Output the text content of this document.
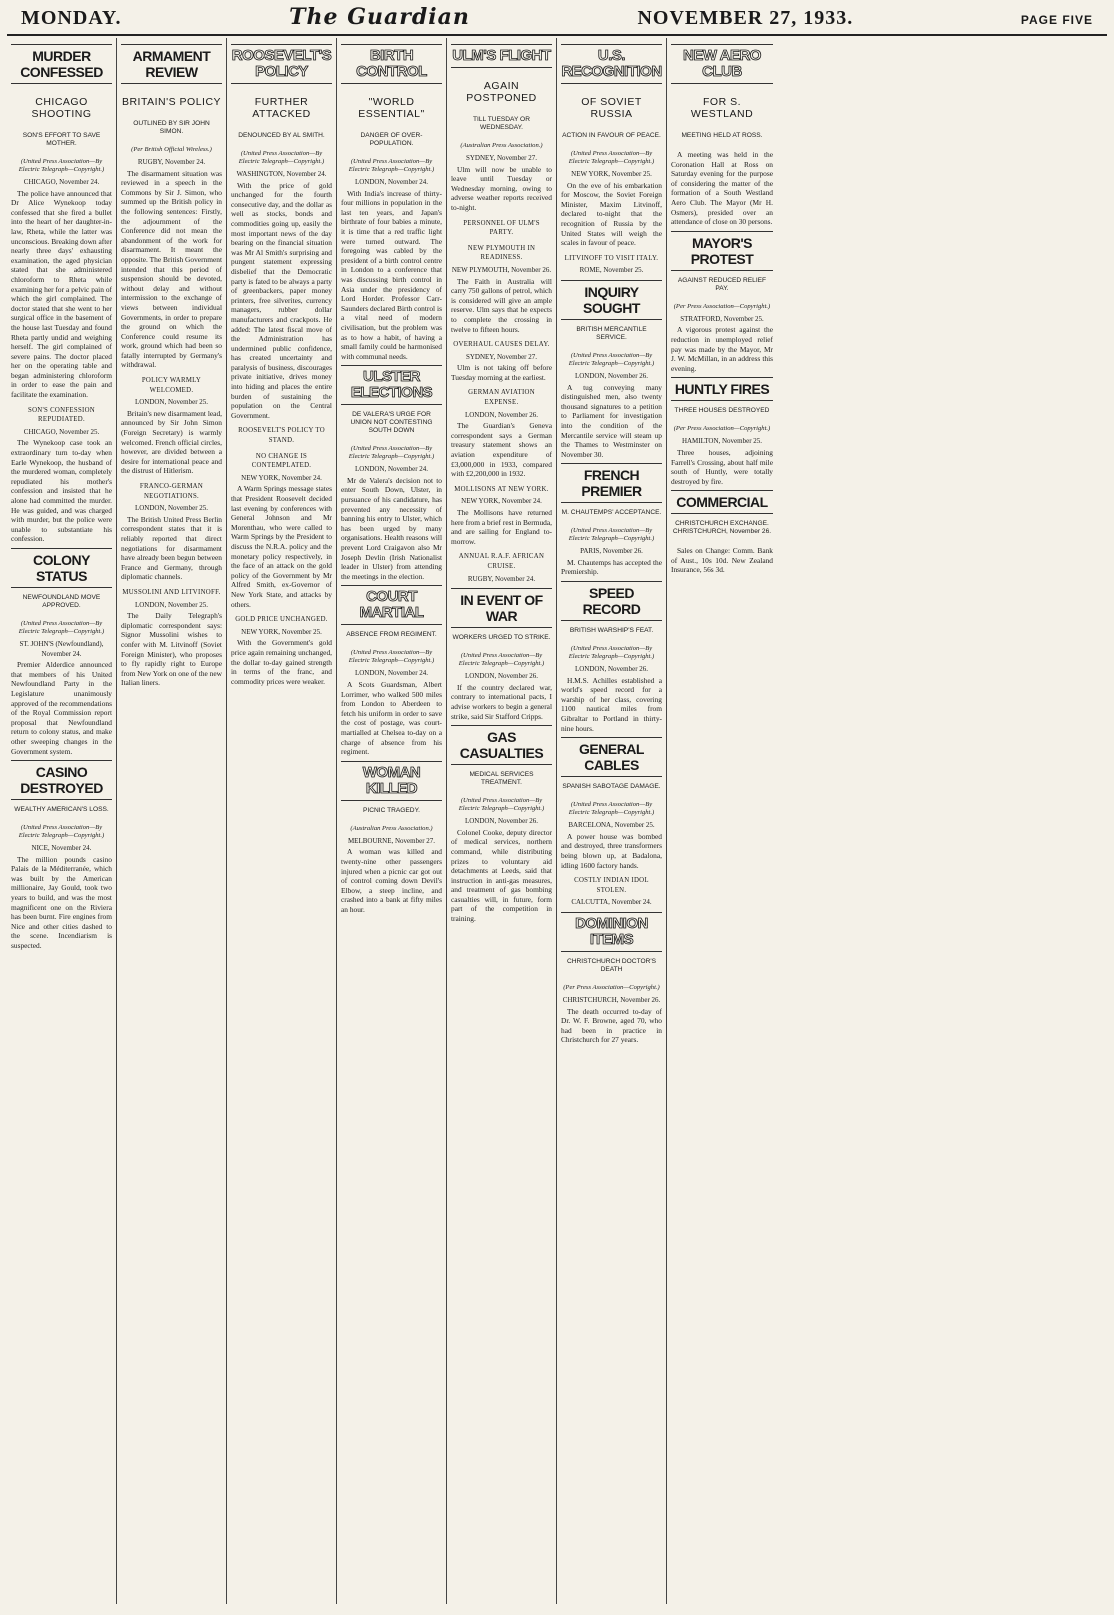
MONDAY.	The Guardian	NOVEMBER 27, 1933.	PAGE FIVE
MURDER CONFESSED
CHICAGO SHOOTING
SON'S EFFORT TO SAVE MOTHER.
(United Press Association—By Electric Telegraph—Copyright.)
CHICAGO, November 24.

The police have announced that Dr Alice Wynekoop today confessed that she fired a bullet into the heart of her daughter-in-law, Rheta, while the latter was unconscious. Breaking down after nearly three days' exhausting examination, the aged physician stated that she administered chloroform to Rheta while examining her for a pelvic pain of which the girl complained. The doctor stated that she went to her surgical office in the basement of the house last Tuesday and found Rheta partly undid and weighing herself. The girl complained of severe pains. The doctor placed her on the operating table and began administering chloroform in order to ease the pain and facilitate the examination.

SON'S CONFESSION REPUDIATED.
CHICAGO, November 25.

The Wynekoop case took an extraordinary turn to-day when Earle Wynekoop, the husband of the murdered woman, completely repudiated his mother's confession and insisted that he alone had committed the murder. He was guided, and was charged with murder, but the police were unable to substantiate his confession.

COLONY STATUS
NEWFOUNDLAND MOVE APPROVED.
(United Press Association—By Electric Telegraph—Copyright.)
ST. JOHN'S (Newfoundland), November 24.

Premier Alderdice announced that members of his United Newfoundland Party in the Legislature unanimously approved of the recommendations of the Royal Commission report proposal that Newfoundland return to colony status, and make other sweeping changes in the Government system.

CASINO DESTROYED
WEALTHY AMERICAN'S LOSS.
(United Press Association—By Electric Telegraph—Copyright.)
NICE, November 24.

The million pounds casino Palais de la Méditerranée, which was built by the American millionaire, Jay Gould, took two years to build, and was the most magnificent one on the Riviera has been burnt. Fire engines from Nice and other cities dashed to the scene. Incendiarism is suspected.

ARMAMENT REVIEW
BRITAIN'S POLICY
OUTLINED BY SIR JOHN SIMON.
(Per British Official Wireless.)
RUGBY, November 24.

The disarmament situation was reviewed in a speech in the Commons by Sir J. Simon, who summed up the British policy in the following sentences: Firstly, the adjournment of the Conference did not mean the abandonment of the work for disarmament. It meant the opposite. The British Government intended that this period of suspension should be devoted, without delay and without intermission to the exchange of views between individual Governments, in order to prepare the ground on which the Conference could resume its work, ground which had been so fatally interrupted by Germany's withdrawal.

POLICY WARMLY WELCOMED.
LONDON, November 25.

Britain's new disarmament lead, announced by Sir John Simon (Foreign Secretary) is warmly welcomed. French official circles, however, are divided between a desire for international peace and the distrust of Hitlerism.

FRANCO-GERMAN NEGOTIATIONS.
LONDON, November 25.

The British United Press Berlin correspondent states that it is reliably reported that direct negotiations for disarmament have already been begun between France and Germany, through diplomatic channels.

MUSSOLINI AND LITVINOFF.
LONDON, November 25.

The Daily Telegraph's diplomatic correspondent says: Signor Mussolini wishes to confer with M. Litvinoff (Soviet Foreign Minister), who proposes to fly rapidly right to Europe from New York on one of the new Italian liners.

ROOSEVELT'S POLICY
FURTHER ATTACKED
DENOUNCED BY AL SMITH.
(United Press Association—By Electric Telegraph—Copyright.)
WASHINGTON, November 24.

With the price of gold unchanged for the fourth consecutive day, and the dollar as well as stocks, bonds and commodities going up, easily the most important news of the day bearing on the financial situation was Mr Al Smith's surprising and pungent statement expressing disbelief that the Democratic party is fated to be always a party of greenbackers, paper money printers, free silverites, currency managers, rubber dollar manufacturers and crackpots. He added: The latest fiscal move of the Administration has undermined public confidence, has created uncertainty and paralysis of business, discourages private initiative, drives money into hiding and places the entire burden of sustaining the population on the Central Government.

ROOSEVELT'S POLICY TO STAND.
NO CHANGE IS CONTEMPLATED.
NEW YORK, November 24.

A Warm Springs message states that President Roosevelt decided last evening by conferences with General Johnson and Mr Morenthau, who were called to Warm Springs by the President to discuss the N.R.A. policy and the monetary policy respectively, in the face of an attack on the gold policy of the Government by Mr Alfred Smith, ex-Governor of New York State, and attacks by others.

GOLD PRICE UNCHANGED.
NEW YORK, November 25.

With the Government's gold price again remaining unchanged, the dollar to-day gained strength in terms of the franc, and commodity prices were weaker.

BIRTH CONTROL
"WORLD ESSENTIAL"
DANGER OF OVER-POPULATION.
(United Press Association—By Electric Telegraph—Copyright.)
LONDON, November 24.

With India's increase of thirty-four millions in population in the last ten years, and Japan's birthrate of four babies a minute, it is time that a red traffic light were turned outward. The foregoing was cabled by the president of a birth control centre in London to a conference that was discussing birth control in Asia under the presidency of Lord Horder. Professor Carr-Saunders declared Birth control is a vital need of modern civilisation, but the problem was as to how a habit, of having a small family could be harmonised with communal needs.

ULSTER ELECTIONS
DE VALERA'S URGE FOR UNION NOT CONTESTING SOUTH DOWN
(United Press Association—By Electric Telegraph—Copyright.)
LONDON, November 24.

Mr de Valera's decision not to enter South Down, Ulster, in pursuance of his candidature, has prevented any necessity of banning his entry to Ulster, which has been urged by many organisations. Health reasons will prevent Lord Craigavon also Mr Joseph Devlin (Irish Nationalist leader in Ulster) from attending the meetings in the election.

COURT MARTIAL
ABSENCE FROM REGIMENT.
(United Press Association—By Electric Telegraph—Copyright.)
LONDON, November 24.

A Scots Guardsman, Albert Lorrimer, who walked 500 miles from London to Aberdeen to fetch his uniform in order to save the cost of postage, was court-martialled at Chelsea to-day on a charge of absence from his regiment.

WOMAN KILLED
PICNIC TRAGEDY.
(Australian Press Association.)
MELBOURNE, November 27.

A woman was killed and twenty-nine other passengers injured when a picnic car got out of control coming down Devil's Elbow, a steep incline, and crashed into a bank at fifty miles an hour.

ULM'S FLIGHT
AGAIN POSTPONED
TILL TUESDAY OR WEDNESDAY.
(Australian Press Association.)
SYDNEY, November 27.

Ulm will now be unable to leave until Tuesday or Wednesday morning, owing to adverse weather reports received to-night.

PERSONNEL OF ULM'S PARTY.
NEW PLYMOUTH IN READINESS.
NEW PLYMOUTH, November 26.

The Faith in Australia will carry 750 gallons of petrol, which is considered will give an ample reserve. Ulm says that he expects to complete the crossing in twelve to fifteen hours.

OVERHAUL CAUSES DELAY.
SYDNEY, November 27.

Ulm is not taking off before Tuesday morning at the earliest.

GERMAN AVIATION EXPENSE.
LONDON, November 26.

The Guardian's Geneva correspondent says a German treasury statement shows an aviation expenditure of £3,000,000 in 1933, compared with £2,200,000 in 1932.

MOLLISONS AT NEW YORK.
NEW YORK, November 24.

The Mollisons have returned here from a brief rest in Bermuda, and are sailing for England to-morrow.

ANNUAL R.A.F. AFRICAN CRUISE.
RUGBY, November 24.
IN EVENT OF WAR
WORKERS URGED TO STRIKE.
(United Press Association—By Electric Telegraph—Copyright.)
LONDON, November 26.

If the country declared war, contrary to international pacts, I advise workers to begin a general strike, said Sir Stafford Cripps.

GAS CASUALTIES
MEDICAL SERVICES TREATMENT.
(United Press Association—By Electric Telegraph—Copyright.)
LONDON, November 26.

Colonel Cooke, deputy director of medical services, northern command, while distributing prizes to voluntary aid detachments at Leeds, said that instruction in anti-gas measures, and treatment of gas bombing casualties will, in future, form part of the competition in training.

U.S. RECOGNITION
OF SOVIET RUSSIA
ACTION IN FAVOUR OF PEACE.
(United Press Association—By Electric Telegraph—Copyright.)
NEW YORK, November 25.

On the eve of his embarkation for Moscow, the Soviet Foreign Minister, Maxim Litvinoff, declared to-night that the recognition of Russia by the United States will weigh the scales in favour of peace.

LITVINOFF TO VISIT ITALY.
ROME, November 25.
INQUIRY SOUGHT
BRITISH MERCANTILE SERVICE.
(United Press Association—By Electric Telegraph—Copyright.)
LONDON, November 26.

A tug conveying many distinguished men, also twenty thousand signatures to a petition to Parliament for investigation into the condition of the Mercantile service will steam up the Thames to Westminster on November 30.

FRENCH PREMIER
M. CHAUTEMPS' ACCEPTANCE.
(United Press Association—By Electric Telegraph—Copyright.)
PARIS, November 26.

M. Chautemps has accepted the Premiership.

SPEED RECORD
BRITISH WARSHIP'S FEAT.
(United Press Association—By Electric Telegraph—Copyright.)
LONDON, November 26.

H.M.S. Achilles established a world's speed record for a warship of her class, covering 1100 nautical miles from Gibraltar to Portland in thirty-nine hours.

GENERAL CABLES
SPANISH SABOTAGE DAMAGE.
(United Press Association—By Electric Telegraph—Copyright.)
BARCELONA, November 25.

A power house was bombed and destroyed, three transformers being blown up, at Badalona, idling 1600 factory hands.

COSTLY INDIAN IDOL STOLEN.
CALCUTTA, November 24.
DOMINION ITEMS
CHRISTCHURCH DOCTOR'S DEATH
(Per Press Association—Copyright.)
CHRISTCHURCH, November 26.

The death occurred to-day of Dr. W. F. Browne, aged 70, who had been in practice in Christchurch for 27 years.

NEW AERO CLUB
FOR S. WESTLAND
MEETING HELD AT ROSS.

A meeting was held in the Coronation Hall at Ross on Saturday evening for the purpose of considering the matter of the formation of a South Westland Aero Club. The Mayor (Mr H. Osmers), presided over an attendance of close on 30 persons.

MAYOR'S PROTEST
AGAINST REDUCED RELIEF PAY.
(Per Press Association—Copyright.)
STRATFORD, November 25.

A vigorous protest against the reduction in unemployed relief pay was made by the Mayor, Mr J. W. McMillan, in an address this evening.

HUNTLY FIRES
THREE HOUSES DESTROYED
(Per Press Association—Copyright.)
HAMILTON, November 25.

Three houses, adjoining Farrell's Crossing, about half mile south of Huntly, were totally destroyed by fire.

COMMERCIAL
CHRISTCHURCH EXCHANGE. CHRISTCHURCH, November 26.

Sales on Change: Comm. Bank of Aust., 10s 10d. New Zealand Insurance, 56s 3d.
